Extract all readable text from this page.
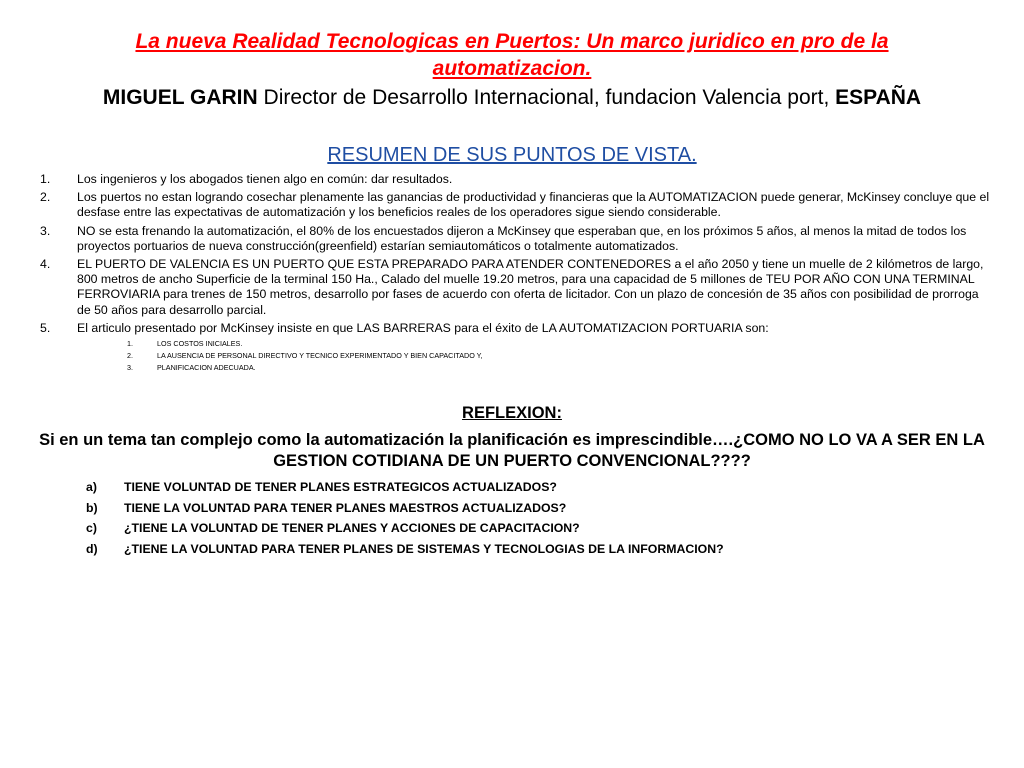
La nueva Realidad Tecnologicas en Puertos: Un marco juridico en pro de la
automatizacion.
MIGUEL GARIN Director de Desarrollo Internacional, fundacion Valencia port, ESPAÑA
RESUMEN DE SUS PUNTOS DE VISTA.
1. Los ingenieros y los abogados tienen algo en común: dar resultados.
2. Los puertos no estan logrando cosechar plenamente las ganancias de productividad y financieras que la AUTOMATIZACION puede generar, McKinsey concluye que el desfase entre las expectativas de automatización y los beneficios reales de los operadores sigue siendo considerable.
3. NO se esta frenando la automatización, el 80% de los encuestados dijeron a McKinsey que esperaban que, en los próximos 5 años, al menos la mitad de todos los proyectos portuarios de nueva construcción(greenfield) estarían semiautomáticos o totalmente automatizados.
4. EL PUERTO DE VALENCIA ES UN PUERTO QUE ESTA PREPARADO PARA ATENDER CONTENEDORES a el año 2050 y tiene un muelle de 2 kilómetros de largo, 800 metros de ancho Superficie de la terminal 150 Ha., Calado del muelle 19.20 metros, para una capacidad de 5 millones de TEU POR AÑO CON UNA TERMINAL FERROVIARIA para trenes de 150 metros, desarrollo por fases de acuerdo con oferta de licitador. Con un plazo de concesión de 35 años con posibilidad de prorroga de 50 años para desarrollo parcial.
5. El articulo presentado por McKinsey insiste en que LAS BARRERAS para el éxito de LA AUTOMATIZACION PORTUARIA son:
1.	LOS COSTOS INICIALES.
2.	LA AUSENCIA DE PERSONAL DIRECTIVO Y TECNICO EXPERIMENTADO Y BIEN CAPACITADO Y,
3.	PLANIFICACION ADECUADA.
REFLEXION:
Si en un tema tan complejo como la automatización la planificación es imprescindible….¿COMO NO LO VA A SER EN LA GESTION COTIDIANA DE UN PUERTO CONVENCIONAL????
a) TIENE VOLUNTAD DE TENER PLANES ESTRATEGICOS ACTUALIZADOS?
b) TIENE LA VOLUNTAD PARA TENER PLANES MAESTROS ACTUALIZADOS?
c) ¿TIENE LA VOLUNTAD DE TENER PLANES Y ACCIONES DE CAPACITACION?
d) ¿TIENE LA VOLUNTAD PARA TENER PLANES DE SISTEMAS Y TECNOLOGIAS DE LA INFORMACION?
